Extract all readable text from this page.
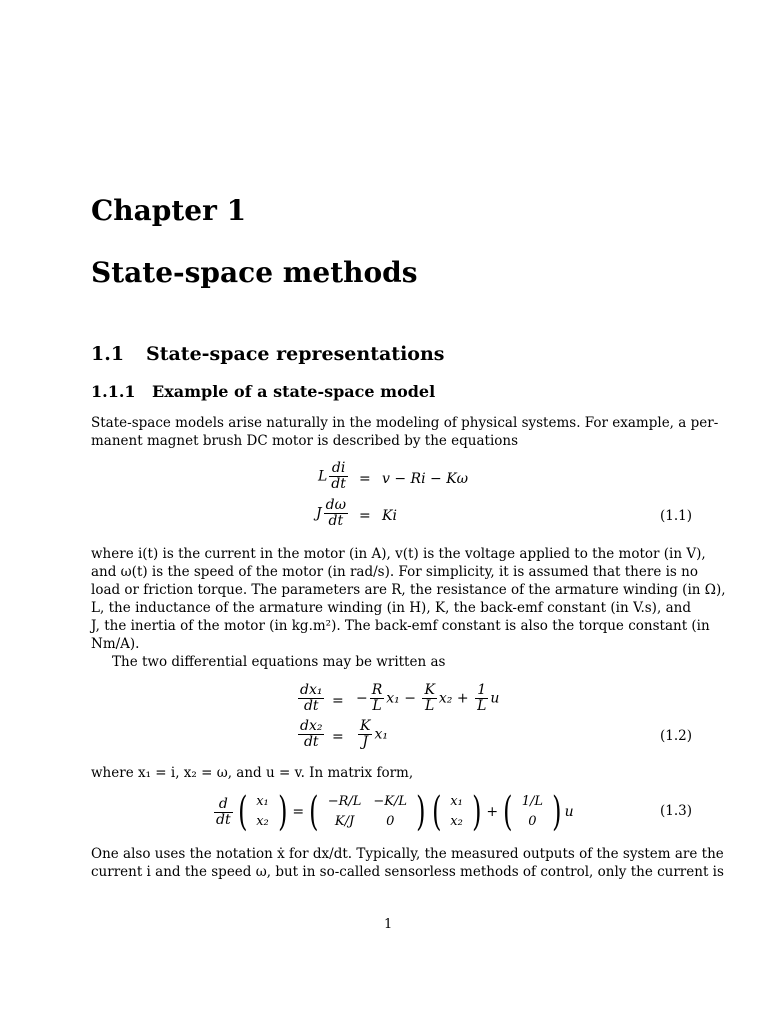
Chapter 1
State-space methods
1.1 State-space representations
1.1.1 Example of a state-space model
State-space models arise naturally in the modeling of physical systems. For example, a per-
manent magnet brush DC motor is described by the equations
L $\frac{di}{dt} = v - Ri - K\omega$
J $\frac{d\omega}{dt} = Ki$	(1.1)
where i(t) is the current in the motor (in A), v(t) is the voltage applied to the motor (in V),
and ω(t) is the speed of the motor (in rad/s). For simplicity, it is assumed that there is no
load or friction torque. The parameters are R, the resistance of the armature winding (in Ω),
L, the inductance of the armature winding (in H), K, the back-emf constant (in V.s), and
J, the inertia of the motor (in kg.m²). The back-emf constant is also the torque constant (in
Nm/A).
The two differential equations may be written as
$\frac{\text{dx₁}}{dt}$ = − $\frac{R}{L} x_1 - \frac{K}{L} x_2 + \frac{1}{L}$ u
$\frac{\text{dx₂}}{dt} = \frac{K}{J} x_1$	(1.2)
where x₁ = i, x₂ = ω, and u = v. In matrix form,
$\frac{d}{dt}$ ( x₁
x₂ ) = ( −R/L	−K/L
K/J	0 ) ( x₁
x₂ ) + ( 1/L
0 ) u	(1.3)
One also uses the notation ẋ for dx/dt. Typically, the measured outputs of the system are the
current i and the speed ω, but in so-called sensorless methods of control, only the current is
1
